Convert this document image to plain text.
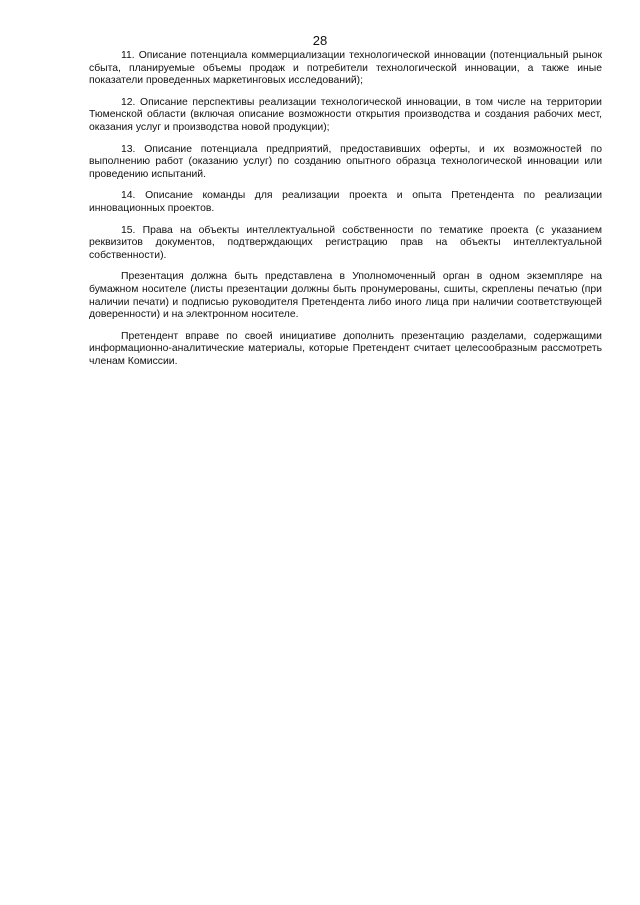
28

11. Описание потенциала коммерциализации технологической инновации (потенциальный рынок сбыта, планируемые объемы продаж и потребители технологической инновации, а также иные показатели проведенных маркетинговых исследований);

12. Описание перспективы реализации технологической инновации, в том числе на территории Тюменской области (включая описание возможности открытия производства и создания рабочих мест, оказания услуг и производства новой продукции);

13. Описание потенциала предприятий, предоставивших оферты, и их возможностей по выполнению работ (оказанию услуг) по созданию опытного образца технологической инновации или проведению испытаний.

14. Описание команды для реализации проекта и опыта Претендента по реализации инновационных проектов.

15. Права на объекты интеллектуальной собственности по тематике проекта (с указанием реквизитов документов, подтверждающих регистрацию прав на объекты интеллектуальной собственности).

Презентация должна быть представлена в Уполномоченный орган в одном экземпляре на бумажном носителе (листы презентации должны быть пронумерованы, сшиты, скреплены печатью (при наличии печати) и подписью руководителя Претендента либо иного лица при наличии соответствующей доверенности) и на электронном носителе.

Претендент вправе по своей инициативе дополнить презентацию разделами, содержащими информационно-аналитические материалы, которые Претендент считает целесообразным рассмотреть членам Комиссии.
